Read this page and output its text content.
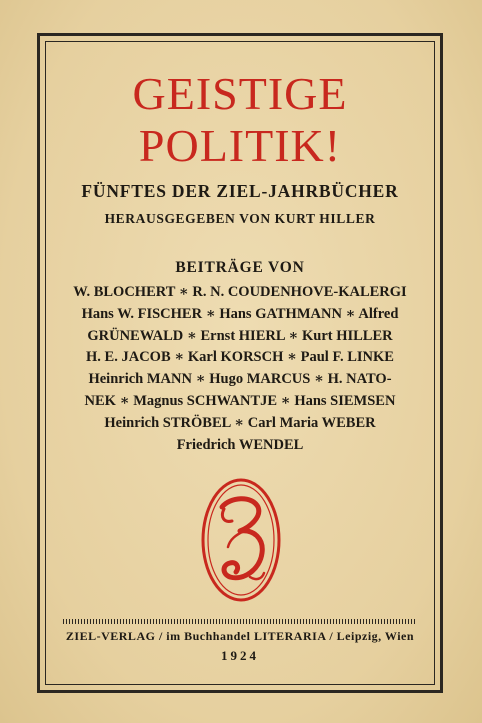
GEISTIGE
POLITIK!
FÜNFTES DER ZIEL-JAHRBÜCHER
HERAUSGEGEBEN VON KURT HILLER
BEITRÄGE VON
W. BLOCHERT ∗ R. N. COUDENHOVE-KALERGI
Hans W. FISCHER ∗ Hans GATHMANN ∗ Alfred
GRÜNEWALD ∗ Ernst HIERL ∗ Kurt HILLER
H. E. JACOB ∗ Karl KORSCH ∗ Paul F. LINKE
Heinrich MANN ∗ Hugo MARCUS ∗ H. NATO-
NEK ∗ Magnus SCHWANTJE ∗ Hans SIEMSEN
Heinrich STRÖBEL ∗ Carl Maria WEBER
Friedrich WENDEL
ZIEL-VERLAG / im Buchhandel LITERARIA / Leipzig, Wien
1924
